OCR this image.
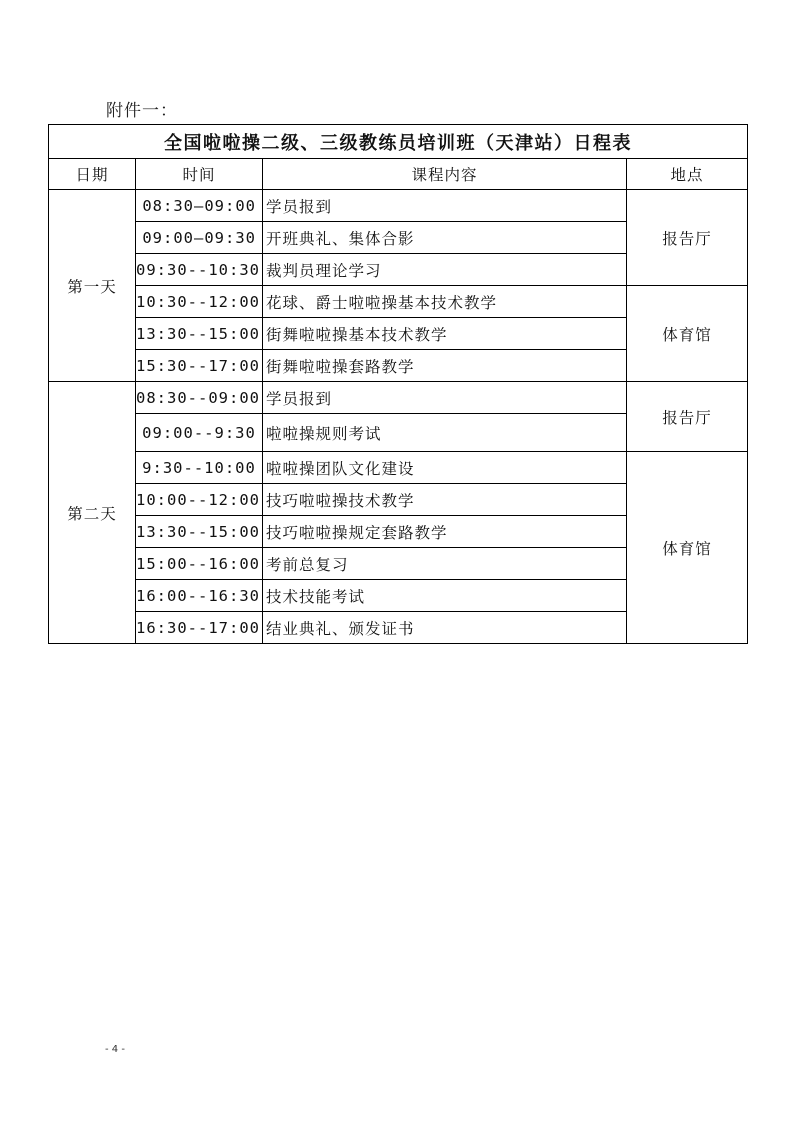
附件一：
全国啦啦操二级、三级教练员培训班（天津站）日程表			
日期	时间	课程内容	地点
第一天	08:30—09:00	学员报到	报告厅
	09:00—09:30	开班典礼、集体合影	
	09:30--10:30	裁判员理论学习	
	10:30--12:00	花球、爵士啦啦操基本技术教学	体育馆
	13:30--15:00	街舞啦啦操基本技术教学	
	15:30--17:00	街舞啦啦操套路教学	
第二天	08:30--09:00	学员报到	报告厅
	09:00--9:30	啦啦操规则考试	
	9:30--10:00	啦啦操团队文化建设	体育馆
	10:00--12:00	技巧啦啦操技术教学	
	13:30--15:00	技巧啦啦操规定套路教学	
	15:00--16:00	考前总复习	
	16:00--16:30	技术技能考试	
	16:30--17:00	结业典礼、颁发证书	
- 4 -
